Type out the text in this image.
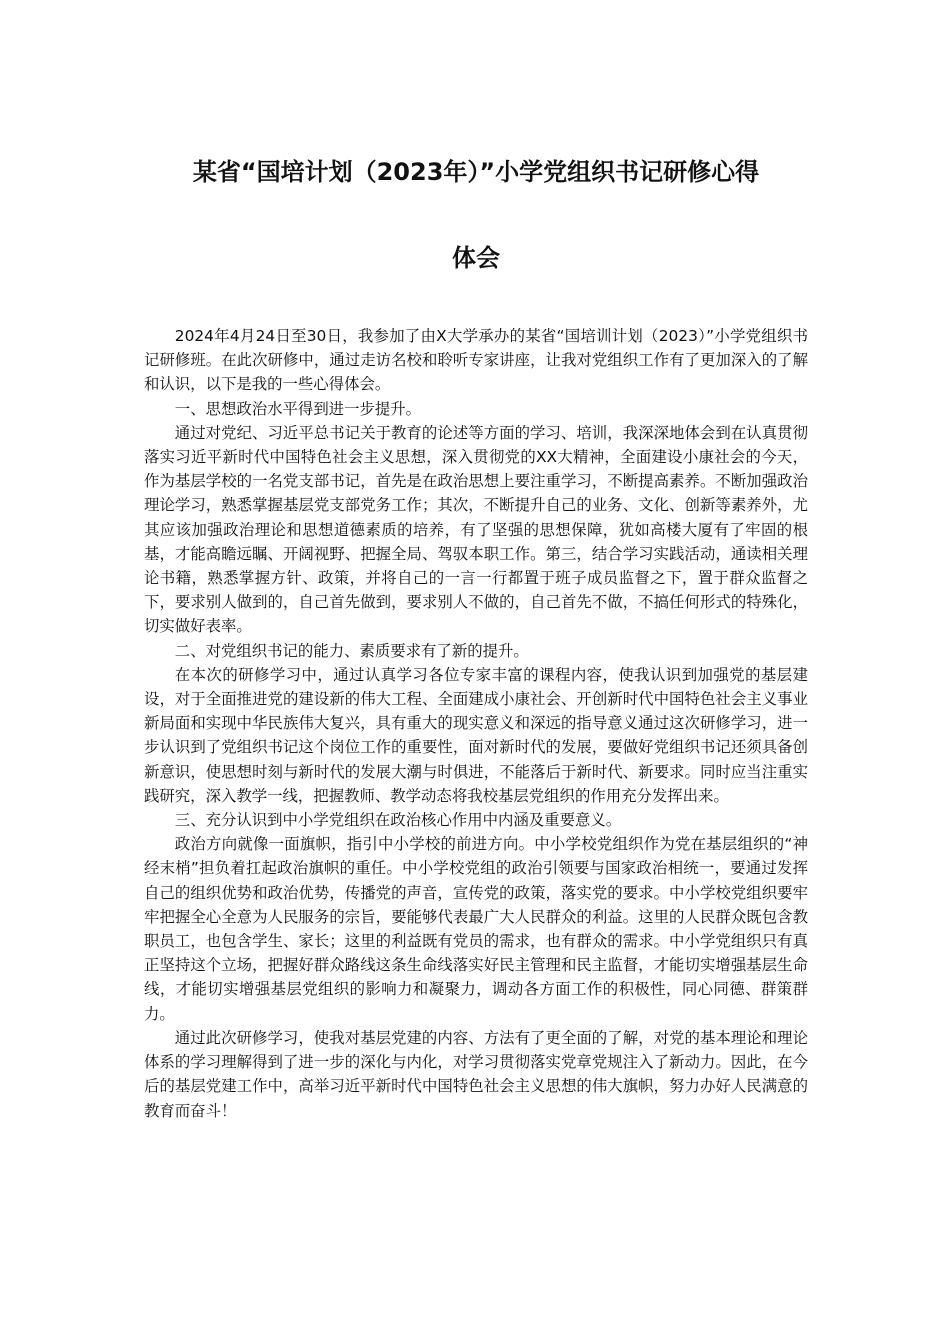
某省“国培计划（2023年）”小学党组织书记研修心得
体会

2024年4月24日至30日，我参加了由X大学承办的某省“国培训计划（2023）”小学党组织书记研修班。在此次研修中，通过走访名校和聆听专家讲座，让我对党组织工作有了更加深入的了解和认识，以下是我的一些心得体会。

一、思想政治水平得到进一步提升。

通过对党纪、习近平总书记关于教育的论述等方面的学习、培训，我深深地体会到在认真贯彻落实习近平新时代中国特色社会主义思想，深入贯彻党的XX大精神，全面建设小康社会的今天，作为基层学校的一名党支部书记，首先是在政治思想上要注重学习，不断提高素养。不断加强政治理论学习，熟悉掌握基层党支部党务工作；其次，不断提升自己的业务、文化、创新等素养外，尤其应该加强政治理论和思想道德素质的培养，有了坚强的思想保障，犹如高楼大厦有了牢固的根基，才能高瞻远瞩、开阔视野、把握全局、驾驭本职工作。第三，结合学习实践活动，通读相关理论书籍，熟悉掌握方针、政策，并将自己的一言一行都置于班子成员监督之下，置于群众监督之下，要求别人做到的，自己首先做到，要求别人不做的，自己首先不做，不搞任何形式的特殊化，切实做好表率。

二、对党组织书记的能力、素质要求有了新的提升。

在本次的研修学习中，通过认真学习各位专家丰富的课程内容，使我认识到加强党的基层建设，对于全面推进党的建设新的伟大工程、全面建成小康社会、开创新时代中国特色社会主义事业新局面和实现中华民族伟大复兴，具有重大的现实意义和深远的指导意义通过这次研修学习，进一步认识到了党组织书记这个岗位工作的重要性，面对新时代的发展，要做好党组织书记还须具备创新意识，使思想时刻与新时代的发展大潮与时俱进，不能落后于新时代、新要求。同时应当注重实践研究，深入教学一线，把握教师、教学动态将我校基层党组织的作用充分发挥出来。

三、充分认识到中小学党组织在政治核心作用中内涵及重要意义。

政治方向就像一面旗帜，指引中小学校的前进方向。中小学校党组织作为党在基层组织的“神经末梢”担负着扛起政治旗帜的重任。中小学校党组的政治引领要与国家政治相统一，要通过发挥自己的组织优势和政治优势，传播党的声音，宣传党的政策，落实党的要求。中小学校党组织要牢牢把握全心全意为人民服务的宗旨，要能够代表最广大人民群众的利益。这里的人民群众既包含教职员工，也包含学生、家长；这里的利益既有党员的需求，也有群众的需求。中小学党组织只有真正坚持这个立场，把握好群众路线这条生命线落实好民主管理和民主监督，才能切实增强基层生命线，才能切实增强基层党组织的影响力和凝聚力，调动各方面工作的积极性，同心同德、群策群力。

通过此次研修学习，使我对基层党建的内容、方法有了更全面的了解，对党的基本理论和理论体系的学习理解得到了进一步的深化与内化，对学习贯彻落实党章党规注入了新动力。因此，在今后的基层党建工作中，高举习近平新时代中国特色社会主义思想的伟大旗帜，努力办好人民满意的教育而奋斗！
